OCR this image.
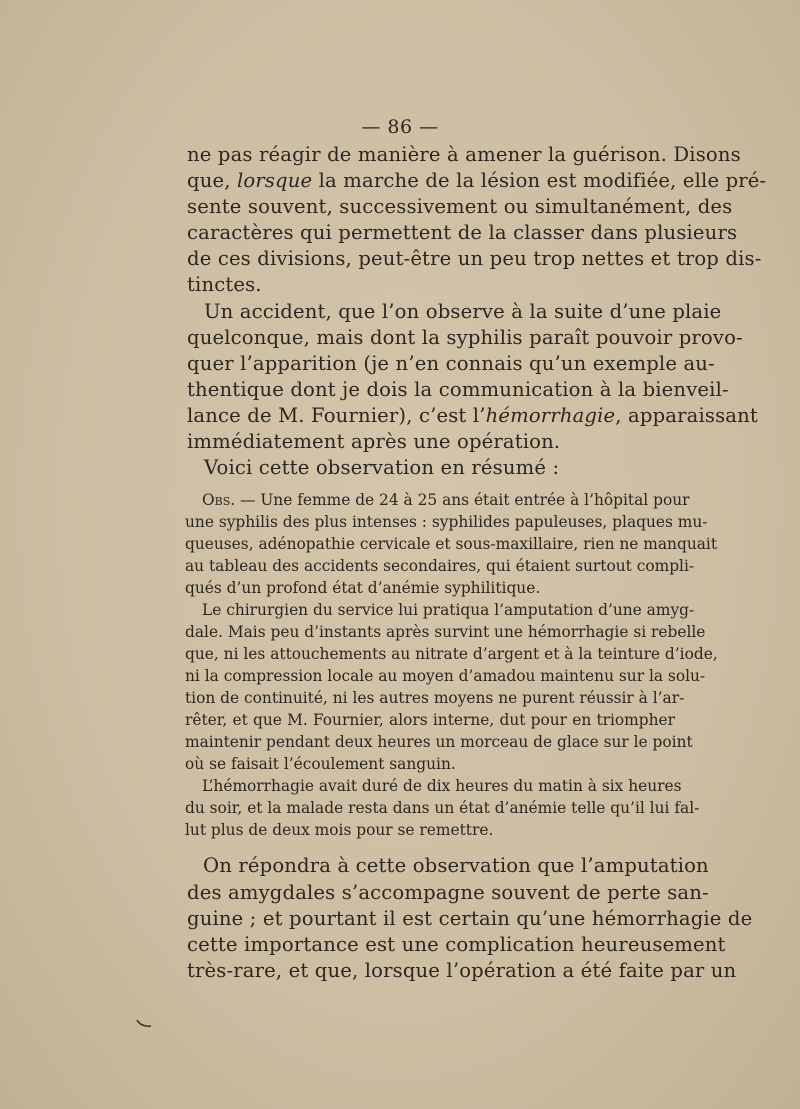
— 86 —
ne pas réagir de manière à amener la guérison. Disons
que, lorsque la marche de la lésion est modifiée, elle pré-
sente souvent, successivement ou simultanément, des
caractères qui permettent de la classer dans plusieurs
de ces divisions, peut-être un peu trop nettes et trop dis-
tinctes.
Un accident, que l’on observe à la suite d’une plaie
quelconque, mais dont la syphilis paraît pouvoir provo-
quer l’apparition (je n’en connais qu’un exemple au-
thentique dont je dois la communication à la bienveil-
lance de M. Fournier), c’est l’hémorrhagie, apparaissant
immédiatement après une opération.
Voici cette observation en résumé :
Obs. — Une femme de 24 à 25 ans était entrée à l’hôpital pour
une syphilis des plus intenses : syphilides papuleuses, plaques mu-
queuses, adénopathie cervicale et sous-maxillaire, rien ne manquait
au tableau des accidents secondaires, qui étaient surtout compli-
qués d’un profond état d’anémie syphilitique.
Le chirurgien du service lui pratiqua l’amputation d’une amyg-
dale. Mais peu d’instants après survint une hémorrhagie si rebelle
que, ni les attouchements au nitrate d’argent et à la teinture d’iode,
ni la compression locale au moyen d’amadou maintenu sur la solu-
tion de continuité, ni les autres moyens ne purent réussir à l’ar-
rêter, et que M. Fournier, alors interne, dut pour en triompher
maintenir pendant deux heures un morceau de glace sur le point
où se faisait l’écoulement sanguin.
L’hémorrhagie avait duré de dix heures du matin à six heures
du soir, et la malade resta dans un état d’anémie telle qu’il lui fal-
lut plus de deux mois pour se remettre.
On répondra à cette observation que l’amputation
des amygdales s’accompagne souvent de perte san-
guine ; et pourtant il est certain qu’une hémorrhagie de
cette importance est une complication heureusement
très-rare, et que, lorsque l’opération a été faite par un
